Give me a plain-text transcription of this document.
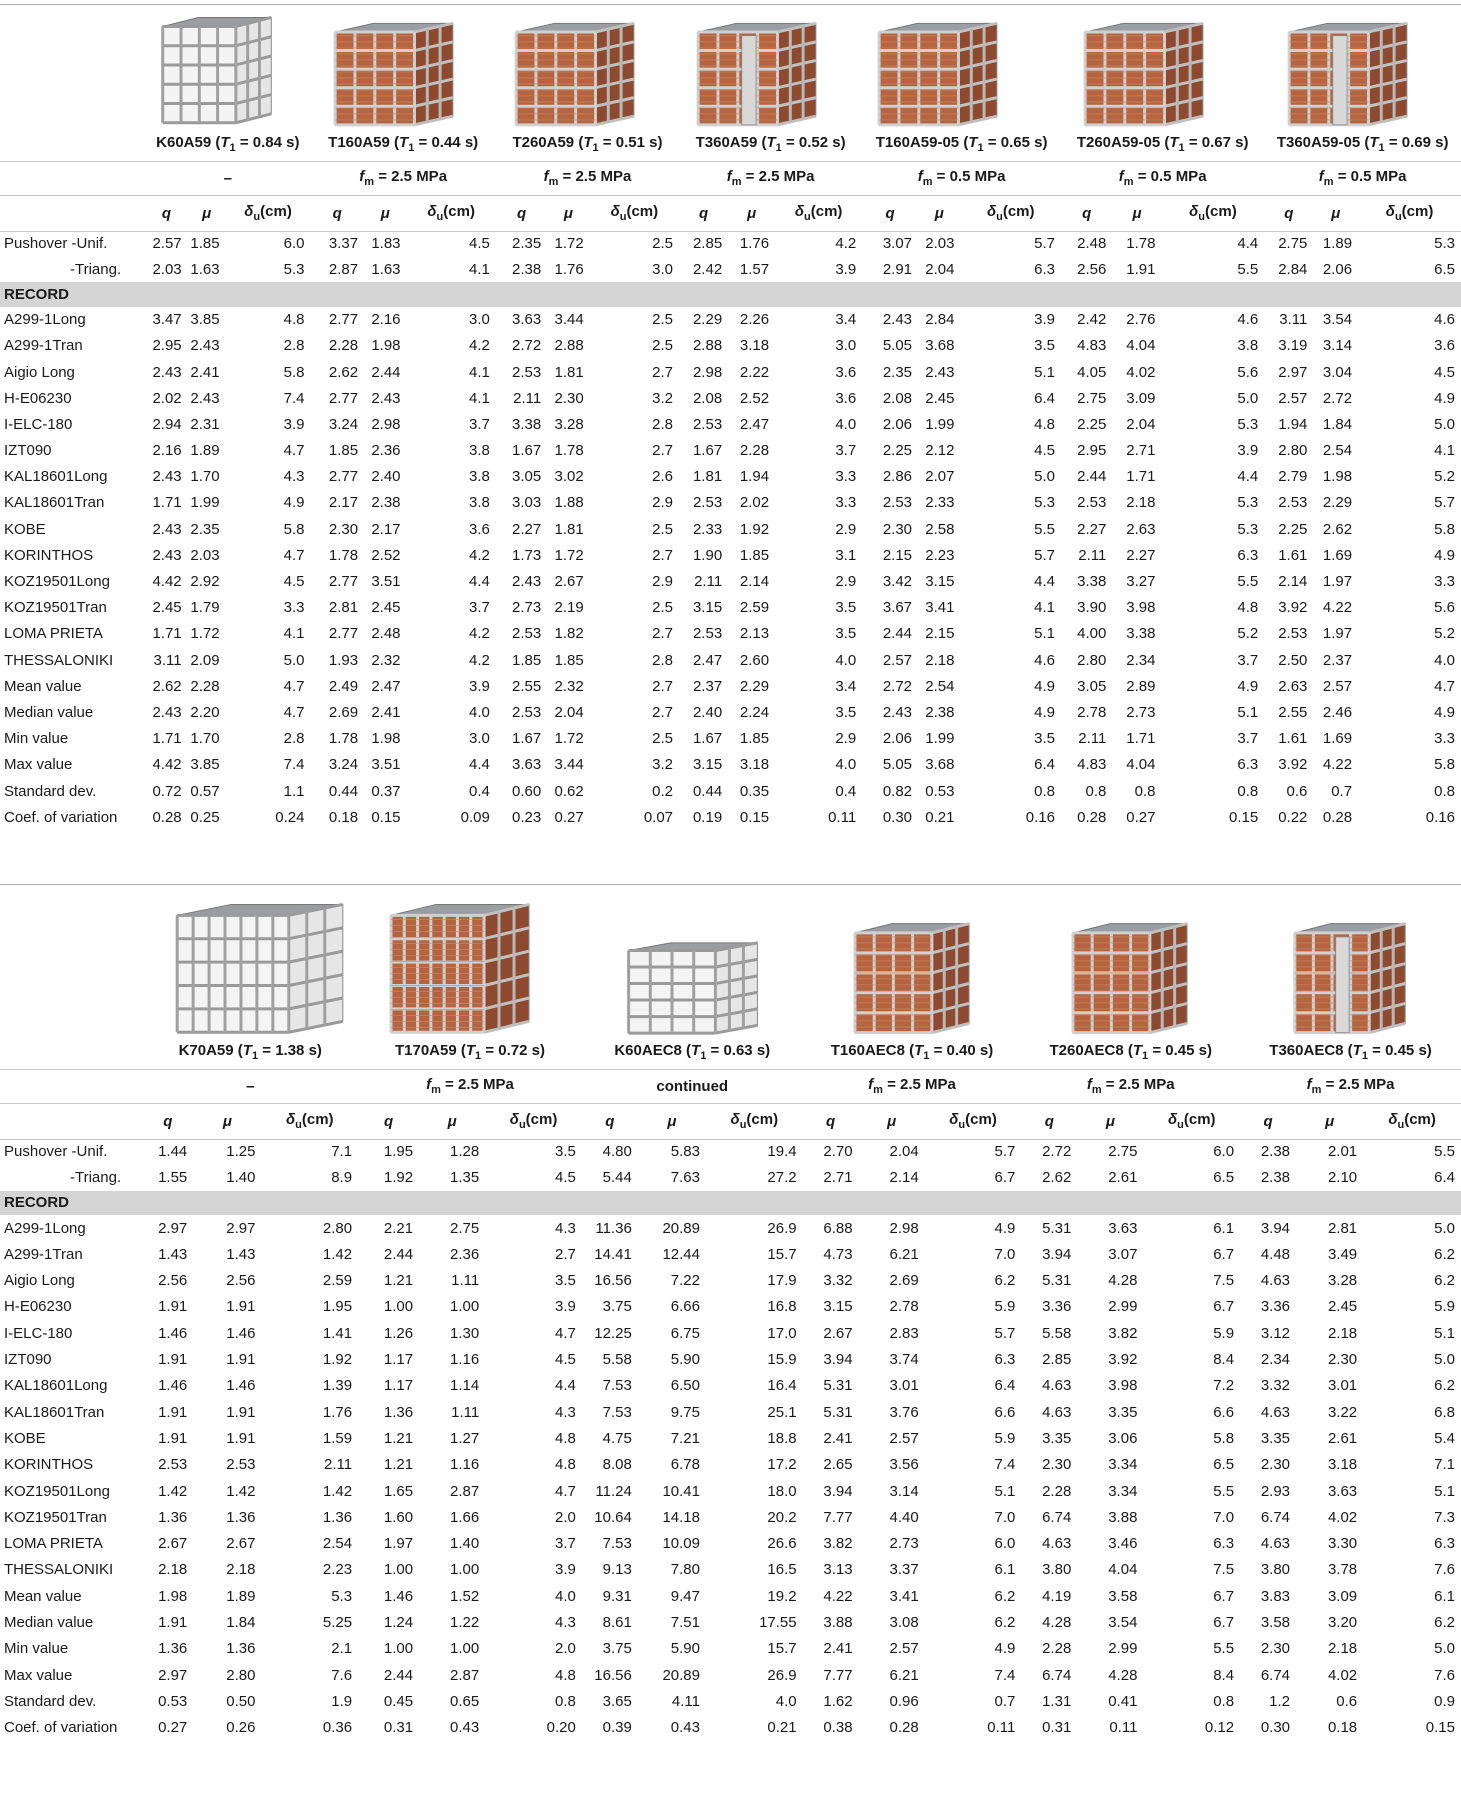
	K60A59 ($T_1 = 0.84$ s)			T160A59 ($T_1 = 0.44$ s)			T260A59 ($T_1 = 0.51$ s)			T360A59 ($T_1 = 0.52$ s)			T160A59-05 ($T_1 = 0.65$ s)			T260A59-05 ($T_1 = 0.67$ s)			T360A59-05 ($T_1 = 0.69$ s)		
	–			$f_m = 2.5$ MPa			$f_m = 2.5$ MPa			$f_m = 2.5$ MPa			$f_m = 0.5$ MPa			$f_m = 0.5$ MPa			$f_m = 0.5$ MPa		
	q	μ	$\delta_u(cm)$	q	μ	$\delta_u(cm)$	q	μ	$\delta_u(cm)$	q	μ	$\delta_u(cm)$	q	μ	$\delta_u(cm)$	q	μ	$\delta_u(cm)$	q	μ	$\delta_u(cm)$
Pushover -Unif.	2.57	1.85	6.0	3.37	1.83	4.5	2.35	1.72	2.5	2.85	1.76	4.2	3.07	2.03	5.7	2.48	1.78	4.4	2.75	1.89	5.3
-Triang.	2.03	1.63	5.3	2.87	1.63	4.1	2.38	1.76	3.0	2.42	1.57	3.9	2.91	2.04	6.3	2.56	1.91	5.5	2.84	2.06	6.5
RECORD																					
A299-1Long	3.47	3.85	4.8	2.77	2.16	3.0	3.63	3.44	2.5	2.29	2.26	3.4	2.43	2.84	3.9	2.42	2.76	4.6	3.11	3.54	4.6
A299-1Tran	2.95	2.43	2.8	2.28	1.98	4.2	2.72	2.88	2.5	2.88	3.18	3.0	5.05	3.68	3.5	4.83	4.04	3.8	3.19	3.14	3.6
Aigio Long	2.43	2.41	5.8	2.62	2.44	4.1	2.53	1.81	2.7	2.98	2.22	3.6	2.35	2.43	5.1	4.05	4.02	5.6	2.97	3.04	4.5
H-E06230	2.02	2.43	7.4	2.77	2.43	4.1	2.11	2.30	3.2	2.08	2.52	3.6	2.08	2.45	6.4	2.75	3.09	5.0	2.57	2.72	4.9
I-ELC-180	2.94	2.31	3.9	3.24	2.98	3.7	3.38	3.28	2.8	2.53	2.47	4.0	2.06	1.99	4.8	2.25	2.04	5.3	1.94	1.84	5.0
IZT090	2.16	1.89	4.7	1.85	2.36	3.8	1.67	1.78	2.7	1.67	2.28	3.7	2.25	2.12	4.5	2.95	2.71	3.9	2.80	2.54	4.1
KAL18601Long	2.43	1.70	4.3	2.77	2.40	3.8	3.05	3.02	2.6	1.81	1.94	3.3	2.86	2.07	5.0	2.44	1.71	4.4	2.79	1.98	5.2
KAL18601Tran	1.71	1.99	4.9	2.17	2.38	3.8	3.03	1.88	2.9	2.53	2.02	3.3	2.53	2.33	5.3	2.53	2.18	5.3	2.53	2.29	5.7
KOBE	2.43	2.35	5.8	2.30	2.17	3.6	2.27	1.81	2.5	2.33	1.92	2.9	2.30	2.58	5.5	2.27	2.63	5.3	2.25	2.62	5.8
KORINTHOS	2.43	2.03	4.7	1.78	2.52	4.2	1.73	1.72	2.7	1.90	1.85	3.1	2.15	2.23	5.7	2.11	2.27	6.3	1.61	1.69	4.9
KOZ19501Long	4.42	2.92	4.5	2.77	3.51	4.4	2.43	2.67	2.9	2.11	2.14	2.9	3.42	3.15	4.4	3.38	3.27	5.5	2.14	1.97	3.3
KOZ19501Tran	2.45	1.79	3.3	2.81	2.45	3.7	2.73	2.19	2.5	3.15	2.59	3.5	3.67	3.41	4.1	3.90	3.98	4.8	3.92	4.22	5.6
LOMA PRIETA	1.71	1.72	4.1	2.77	2.48	4.2	2.53	1.82	2.7	2.53	2.13	3.5	2.44	2.15	5.1	4.00	3.38	5.2	2.53	1.97	5.2
THESSALONIKI	3.11	2.09	5.0	1.93	2.32	4.2	1.85	1.85	2.8	2.47	2.60	4.0	2.57	2.18	4.6	2.80	2.34	3.7	2.50	2.37	4.0
Mean value	2.62	2.28	4.7	2.49	2.47	3.9	2.55	2.32	2.7	2.37	2.29	3.4	2.72	2.54	4.9	3.05	2.89	4.9	2.63	2.57	4.7
Median value	2.43	2.20	4.7	2.69	2.41	4.0	2.53	2.04	2.7	2.40	2.24	3.5	2.43	2.38	4.9	2.78	2.73	5.1	2.55	2.46	4.9
Min value	1.71	1.70	2.8	1.78	1.98	3.0	1.67	1.72	2.5	1.67	1.85	2.9	2.06	1.99	3.5	2.11	1.71	3.7	1.61	1.69	3.3
Max value	4.42	3.85	7.4	3.24	3.51	4.4	3.63	3.44	3.2	3.15	3.18	4.0	5.05	3.68	6.4	4.83	4.04	6.3	3.92	4.22	5.8
Standard dev.	0.72	0.57	1.1	0.44	0.37	0.4	0.60	0.62	0.2	0.44	0.35	0.4	0.82	0.53	0.8	0.8	0.8	0.8	0.6	0.7	0.8
Coef. of variation	0.28	0.25	0.24	0.18	0.15	0.09	0.23	0.27	0.07	0.19	0.15	0.11	0.30	0.21	0.16	0.28	0.27	0.15	0.22	0.28	0.16
	K70A59 ($T_1 = 1.38$ s)			T170A59 ($T_1 = 0.72$ s)			K60AEC8 ($T_1 = 0.63$ s)			T160AEC8 ($T_1 = 0.40$ s)			T260AEC8 ($T_1 = 0.45$ s)			T360AEC8 ($T_1 = 0.45$ s)		
	–			$f_m = 2.5$ MPa			continued			$f_m = 2.5$ MPa			$f_m = 2.5$ MPa			$f_m = 2.5$ MPa		
	q	μ	$\delta_u(cm)$	q	μ	$\delta_u(cm)$	q	μ	$\delta_u(cm)$	q	μ	$\delta_u(cm)$	q	μ	$\delta_u(cm)$	q	μ	$\delta_u(cm)$
Pushover -Unif.	1.44	1.25	7.1	1.95	1.28	3.5	4.80	5.83	19.4	2.70	2.04	5.7	2.72	2.75	6.0	2.38	2.01	5.5
-Triang.	1.55	1.40	8.9	1.92	1.35	4.5	5.44	7.63	27.2	2.71	2.14	6.7	2.62	2.61	6.5	2.38	2.10	6.4
RECORD																		
A299-1Long	2.97	2.97	2.80	2.21	2.75	4.3	11.36	20.89	26.9	6.88	2.98	4.9	5.31	3.63	6.1	3.94	2.81	5.0
A299-1Tran	1.43	1.43	1.42	2.44	2.36	2.7	14.41	12.44	15.7	4.73	6.21	7.0	3.94	3.07	6.7	4.48	3.49	6.2
Aigio Long	2.56	2.56	2.59	1.21	1.11	3.5	16.56	7.22	17.9	3.32	2.69	6.2	5.31	4.28	7.5	4.63	3.28	6.2
H-E06230	1.91	1.91	1.95	1.00	1.00	3.9	3.75	6.66	16.8	3.15	2.78	5.9	3.36	2.99	6.7	3.36	2.45	5.9
I-ELC-180	1.46	1.46	1.41	1.26	1.30	4.7	12.25	6.75	17.0	2.67	2.83	5.7	5.58	3.82	5.9	3.12	2.18	5.1
IZT090	1.91	1.91	1.92	1.17	1.16	4.5	5.58	5.90	15.9	3.94	3.74	6.3	2.85	3.92	8.4	2.34	2.30	5.0
KAL18601Long	1.46	1.46	1.39	1.17	1.14	4.4	7.53	6.50	16.4	5.31	3.01	6.4	4.63	3.98	7.2	3.32	3.01	6.2
KAL18601Tran	1.91	1.91	1.76	1.36	1.11	4.3	7.53	9.75	25.1	5.31	3.76	6.6	4.63	3.35	6.6	4.63	3.22	6.8
KOBE	1.91	1.91	1.59	1.21	1.27	4.8	4.75	7.21	18.8	2.41	2.57	5.9	3.35	3.06	5.8	3.35	2.61	5.4
KORINTHOS	2.53	2.53	2.11	1.21	1.16	4.8	8.08	6.78	17.2	2.65	3.56	7.4	2.30	3.34	6.5	2.30	3.18	7.1
KOZ19501Long	1.42	1.42	1.42	1.65	2.87	4.7	11.24	10.41	18.0	3.94	3.14	5.1	2.28	3.34	5.5	2.93	3.63	5.1
KOZ19501Tran	1.36	1.36	1.36	1.60	1.66	2.0	10.64	14.18	20.2	7.77	4.40	7.0	6.74	3.88	7.0	6.74	4.02	7.3
LOMA PRIETA	2.67	2.67	2.54	1.97	1.40	3.7	7.53	10.09	26.6	3.82	2.73	6.0	4.63	3.46	6.3	4.63	3.30	6.3
THESSALONIKI	2.18	2.18	2.23	1.00	1.00	3.9	9.13	7.80	16.5	3.13	3.37	6.1	3.80	4.04	7.5	3.80	3.78	7.6
Mean value	1.98	1.89	5.3	1.46	1.52	4.0	9.31	9.47	19.2	4.22	3.41	6.2	4.19	3.58	6.7	3.83	3.09	6.1
Median value	1.91	1.84	5.25	1.24	1.22	4.3	8.61	7.51	17.55	3.88	3.08	6.2	4.28	3.54	6.7	3.58	3.20	6.2
Min value	1.36	1.36	2.1	1.00	1.00	2.0	3.75	5.90	15.7	2.41	2.57	4.9	2.28	2.99	5.5	2.30	2.18	5.0
Max value	2.97	2.80	7.6	2.44	2.87	4.8	16.56	20.89	26.9	7.77	6.21	7.4	6.74	4.28	8.4	6.74	4.02	7.6
Standard dev.	0.53	0.50	1.9	0.45	0.65	0.8	3.65	4.11	4.0	1.62	0.96	0.7	1.31	0.41	0.8	1.2	0.6	0.9
Coef. of variation	0.27	0.26	0.36	0.31	0.43	0.20	0.39	0.43	0.21	0.38	0.28	0.11	0.31	0.11	0.12	0.30	0.18	0.15
